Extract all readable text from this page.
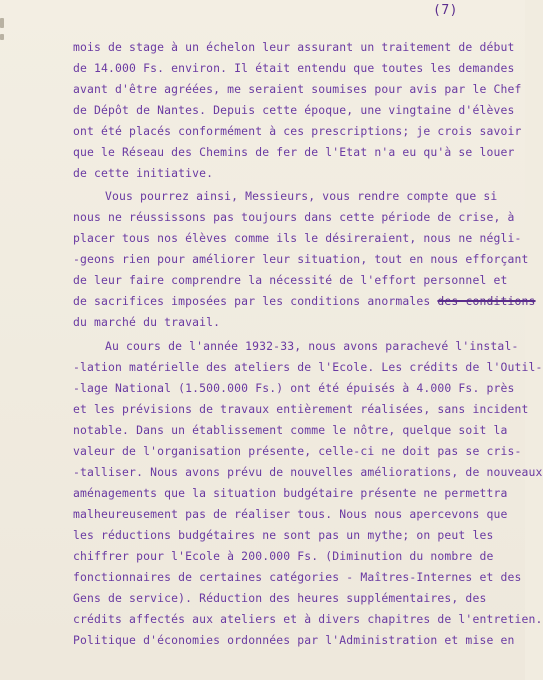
(7)
mois de stage à un échelon leur assurant un traitement de début
de 14.000 Fs. environ. Il était entendu que toutes les demandes
avant d'être agréées, me seraient soumises pour avis par le Chef
de Dépôt de Nantes. Depuis cette époque, une vingtaine d'élèves
ont été placés conformément à ces prescriptions; je crois savoir
que le Réseau des Chemins de fer de l'Etat n'a eu qu'à se louer
de cette initiative.
Vous pourrez ainsi, Messieurs, vous rendre compte que si
nous ne réussissons pas toujours dans cette période de crise, à
placer tous nos élèves comme ils le désireraient, nous ne négli-
-geons rien pour améliorer leur situation, tout en nous efforçant
de leur faire comprendre la nécessité de l'effort personnel et
de sacrifices imposées par les conditions anormales des conditions
du marché du travail.
Au cours de l'année 1932-33, nous avons parachevé l'instal-
-lation matérielle des ateliers de l'Ecole. Les crédits de l'Outil-
-lage National (1.500.000 Fs.) ont été épuisés à 4.000 Fs. près
et les prévisions de travaux entièrement réalisées, sans incident
notable. Dans un établissement comme le nôtre, quelque soit la
valeur de l'organisation présente, celle-ci ne doit pas se cris-
-talliser. Nous avons prévu de nouvelles améliorations, de nouveaux
aménagements que la situation budgétaire présente ne permettra
malheureusement pas de réaliser tous. Nous nous apercevons que
les réductions budgétaires ne sont pas un mythe; on peut les
chiffrer pour l'Ecole à 200.000 Fs. (Diminution du nombre de
fonctionnaires de certaines catégories - Maîtres-Internes et des
Gens de service). Réduction des heures supplémentaires, des
crédits affectés aux ateliers et à divers chapitres de l'entretien.
Politique d'économies ordonnées par l'Administration et mise en
